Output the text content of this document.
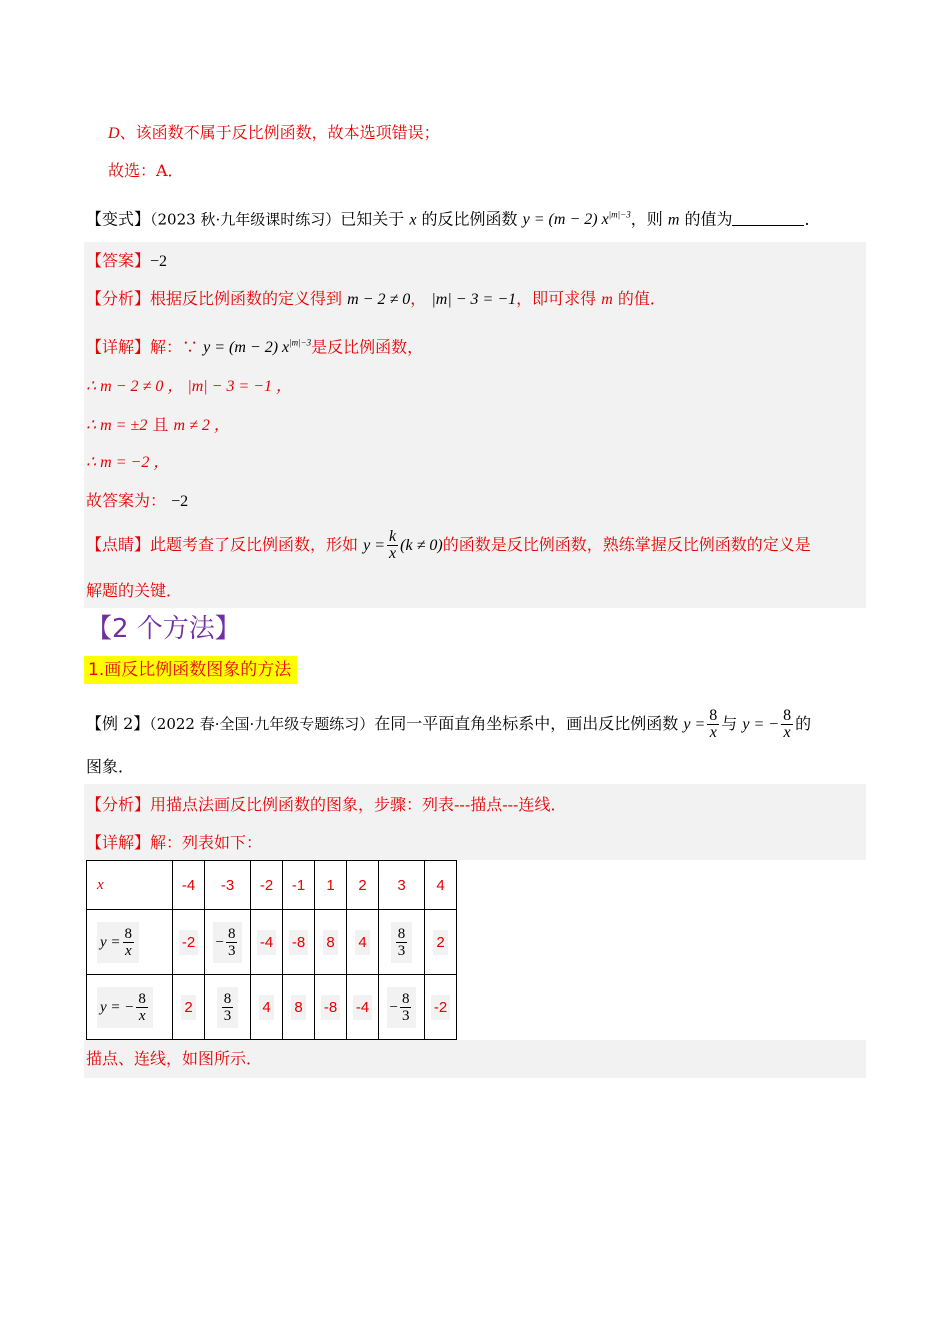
D、该函数不属于反比例函数，故本选项错误；
故选：A．
【变式】（2023 秋·九年级课时练习）已知关于 x 的反比例函数 y = (m − 2) $x^{|m|-3}$，则 m 的值为	．
【答案】−2
【分析】根据反比例函数的定义得到 m − 2 ≠ 0， |m| − 3 = −1，即可求得 m 的值．
【详解】解：∵ y = (m − 2) $x^{|m|-3}$是反比例函数，
∴ m − 2 ≠ 0 ， |m| − 3 = −1 ，
∴ m = ±2 且 m ≠ 2 ，
∴ m = −2 ，
故答案为： −2
【点睛】此题考查了反比例函数，形如 $y = \frac{k}{x} (k \ne 0)$的函数是反比例函数，熟练掌握反比例函数的定义是
解题的关键．
【2 个方法】
1.画反比例函数图象的方法
【例 2】（2022 春·全国·九年级专题练习）在同一平面直角坐标系中，画出反比例函数 $y = \frac{8}{x}$ 与 y = − $\frac{8}{x}$ 的
图象．
【分析】用描点法画反比例函数的图象，步骤：列表---描点---连线．
【详解】解：列表如下：
x	-4	-3	-2	-1	1	2	3	4
$y = \frac{8}{x}$	-2	− $\frac{8}{3}$	-4	-8	8	4	$\frac{8}{3}$	2
y = − $\frac{8}{x}$	2	$\frac{8}{3}$	4	8	-8	-4	− $\frac{8}{3}$	-2
描点、连线，如图所示．
